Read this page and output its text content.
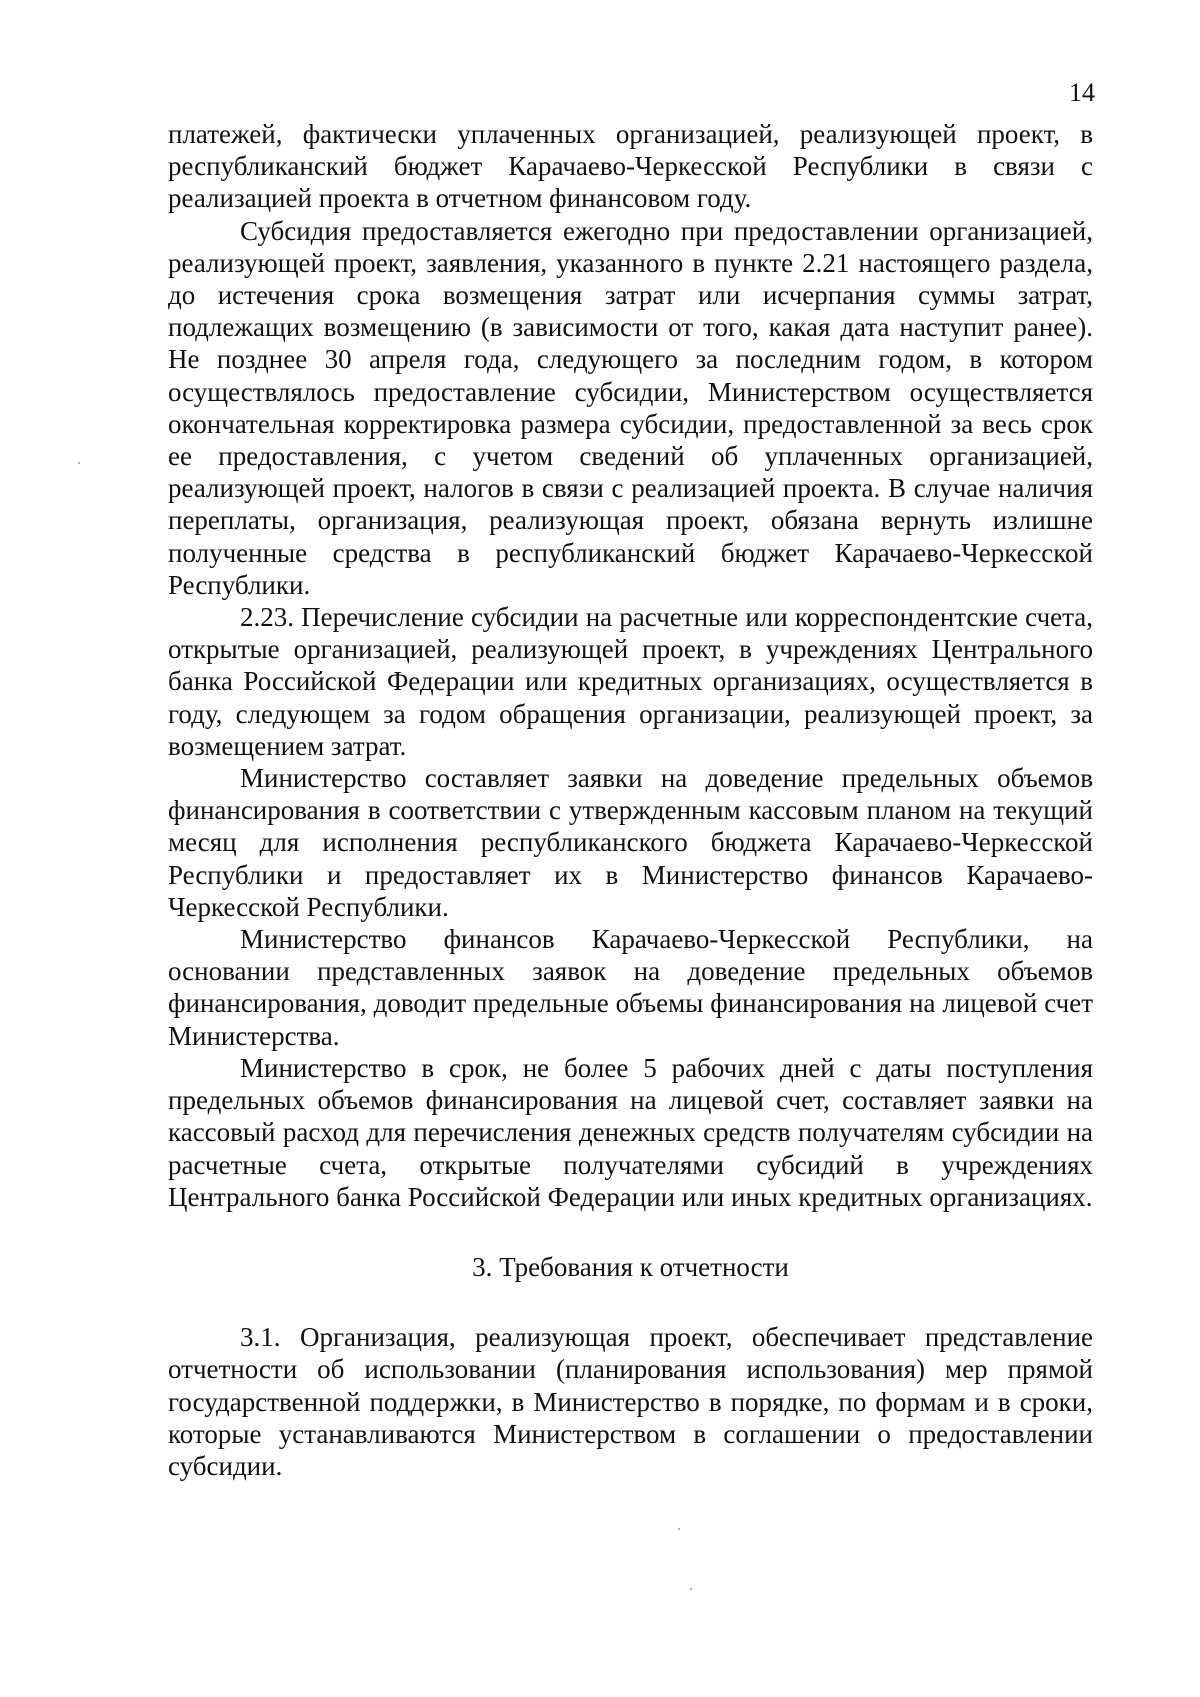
14

платежей, фактически уплаченных организацией, реализующей проект, в республиканский бюджет Карачаево-Черкесской Республики в связи с реализацией проекта в отчетном финансовом году.

Субсидия предоставляется ежегодно при предоставлении организацией, реализующей проект, заявления, указанного в пункте 2.21 настоящего раздела, до истечения срока возмещения затрат или исчерпания суммы затрат, подлежащих возмещению (в зависимости от того, какая дата наступит ранее). Не позднее 30 апреля года, следующего за последним годом, в котором осуществлялось предоставление субсидии, Министерством осуществляется окончательная корректировка размера субсидии, предоставленной за весь срок ее предоставления, с учетом сведений об уплаченных организацией, реализующей проект, налогов в связи с реализацией проекта. В случае наличия переплаты, организация, реализующая проект, обязана вернуть излишне полученные средства в республиканский бюджет Карачаево-Черкесской Республики.

2.23. Перечисление субсидии на расчетные или корреспондентские счета, открытые организацией, реализующей проект, в учреждениях Центрального банка Российской Федерации или кредитных организациях, осуществляется в году, следующем за годом обращения организации, реализующей проект, за возмещением затрат.

Министерство составляет заявки на доведение предельных объемов финансирования в соответствии с утвержденным кассовым планом на текущий месяц для исполнения республиканского бюджета Карачаево-Черкесской Республики и предоставляет их в Министерство финансов Карачаево-Черкесской Республики.

Министерство финансов Карачаево-Черкесской Республики, на основании представленных заявок на доведение предельных объемов финансирования, доводит предельные объемы финансирования на лицевой счет Министерства.

Министерство в срок, не более 5 рабочих дней с даты поступления предельных объемов финансирования на лицевой счет, составляет заявки на кассовый расход для перечисления денежных средств получателям субсидии на расчетные счета, открытые получателями субсидий в учреждениях Центрального банка Российской Федерации или иных кредитных организациях.

3. Требования к отчетности

3.1. Организация, реализующая проект, обеспечивает представление отчетности об использовании (планирования использования) мер прямой государственной поддержки, в Министерство в порядке, по формам и в сроки, которые устанавливаются Министерством в соглашении о предоставлении субсидии.
